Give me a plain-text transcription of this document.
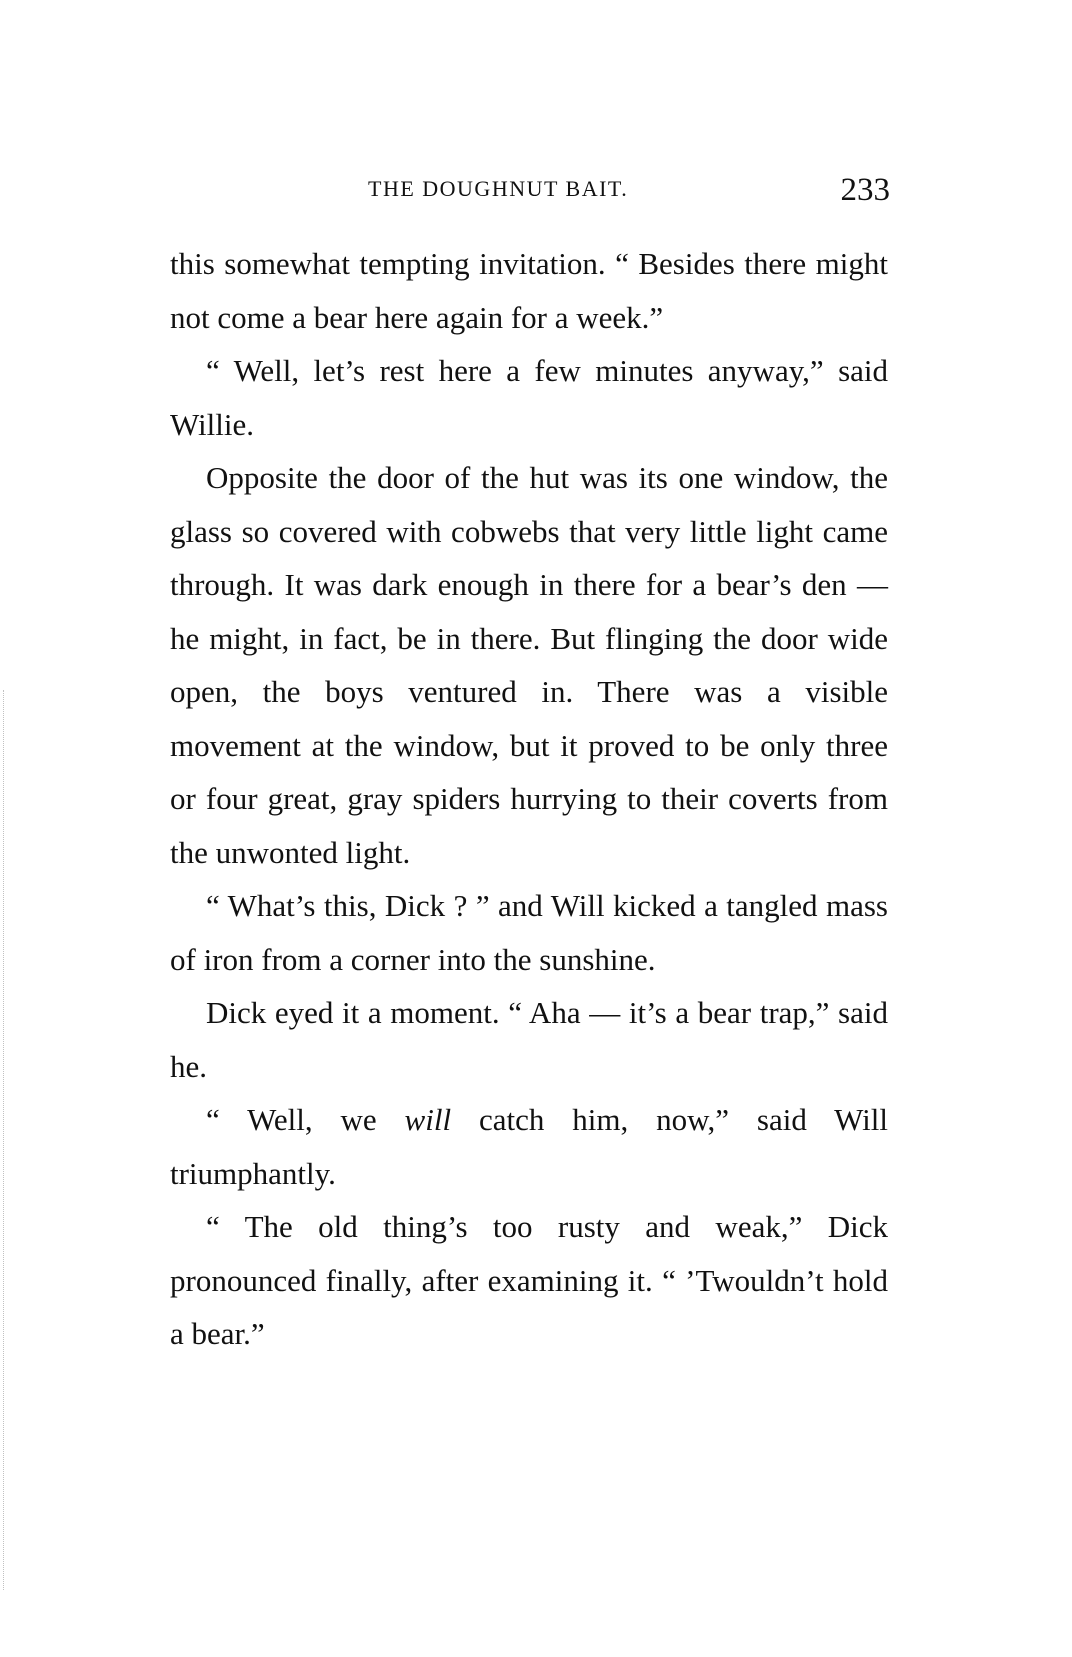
THE DOUGHNUT BAIT.	233

this somewhat tempting invitation. “ Besides there might not come a bear here again for a week.”

“ Well, let’s rest here a few minutes anyway,” said Willie.

Opposite the door of the hut was its one window, the glass so covered with cobwebs that very little light came through. It was dark enough in there for a bear’s den — he might, in fact, be in there. But flinging the door wide open, the boys ventured in. There was a visible movement at the window, but it proved to be only three or four great, gray spiders hurrying to their coverts from the unwonted light.

“ What’s this, Dick ? ” and Will kicked a tangled mass of iron from a corner into the sunshine.

Dick eyed it a moment. “ Aha — it’s a bear trap,” said he.

“ Well, we will catch him, now,” said Will triumphantly.

“ The old thing’s too rusty and weak,” Dick pronounced finally, after examining it. “ ’Twouldn’t hold a bear.”
